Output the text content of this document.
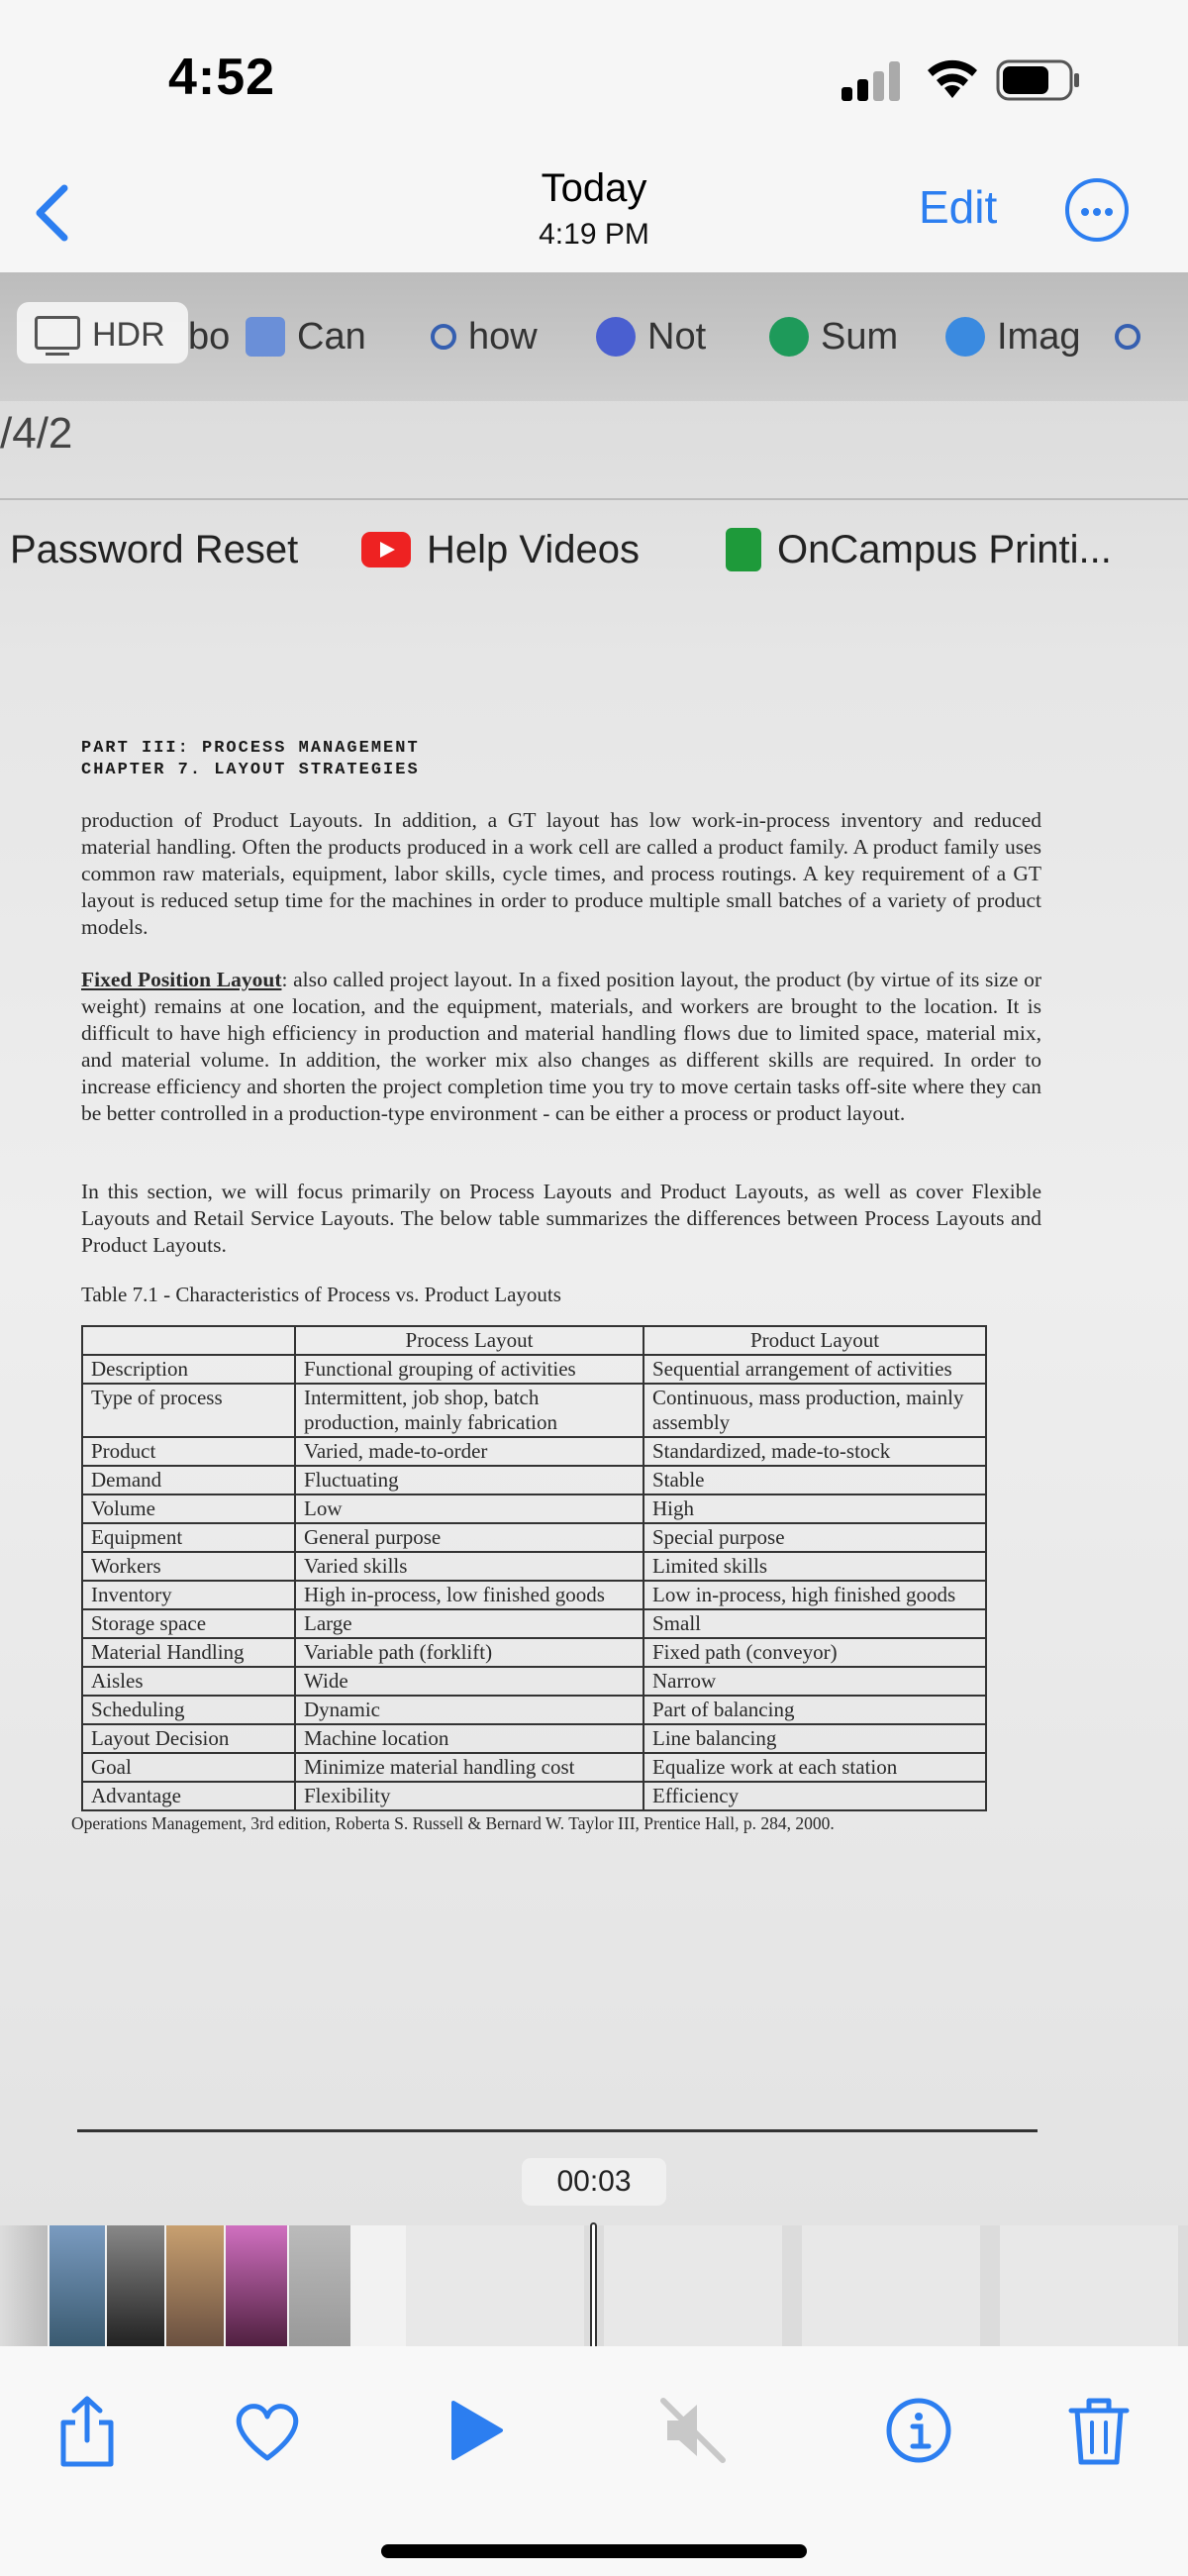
4:52
Today
4:19 PM
Edit
bo Can	how	Not	Sum	Imag
HDR
/4/2
Password Reset	Help Videos	OnCampus Printi...
PART III: PROCESS MANAGEMENT
CHAPTER 7. LAYOUT STRATEGIES

production of Product Layouts. In addition, a GT layout has low work-in-process inventory and reduced material handling. Often the products produced in a work cell are called a product family. A product family uses common raw materials, equipment, labor skills, cycle times, and process routings. A key requirement of a GT layout is reduced setup time for the machines in order to produce multiple small batches of a variety of product models.

Fixed Position Layout: also called project layout. In a fixed position layout, the product (by virtue of its size or weight) remains at one location, and the equipment, materials, and workers are brought to the location. It is difficult to have high efficiency in production and material handling flows due to limited space, material mix, and material volume. In addition, the worker mix also changes as different skills are required. In order to increase efficiency and shorten the project completion time you try to move certain tasks off-site where they can be better controlled in a production-type environment - can be either a process or product layout.

In this section, we will focus primarily on Process Layouts and Product Layouts, as well as cover Flexible Layouts and Retail Service Layouts. The below table summarizes the differences between Process Layouts and Product Layouts.

Table 7.1 - Characteristics of Process vs. Product Layouts
	Process Layout	Product Layout
Description	Functional grouping of activities	Sequential arrangement of activities
Type of process	Intermittent, job shop, batch production, mainly fabrication	Continuous, mass production, mainly assembly
Product	Varied, made-to-order	Standardized, made-to-stock
Demand	Fluctuating	Stable
Volume	Low	High
Equipment	General purpose	Special purpose
Workers	Varied skills	Limited skills
Inventory	High in-process, low finished goods	Low in-process, high finished goods
Storage space	Large	Small
Material Handling	Variable path (forklift)	Fixed path (conveyor)
Aisles	Wide	Narrow
Scheduling	Dynamic	Part of balancing
Layout Decision	Machine location	Line balancing
Goal	Minimize material handling cost	Equalize work at each station
Advantage	Flexibility	Efficiency
Operations Management, 3rd edition, Roberta S. Russell & Bernard W. Taylor III, Prentice Hall, p. 284, 2000.
00:03
